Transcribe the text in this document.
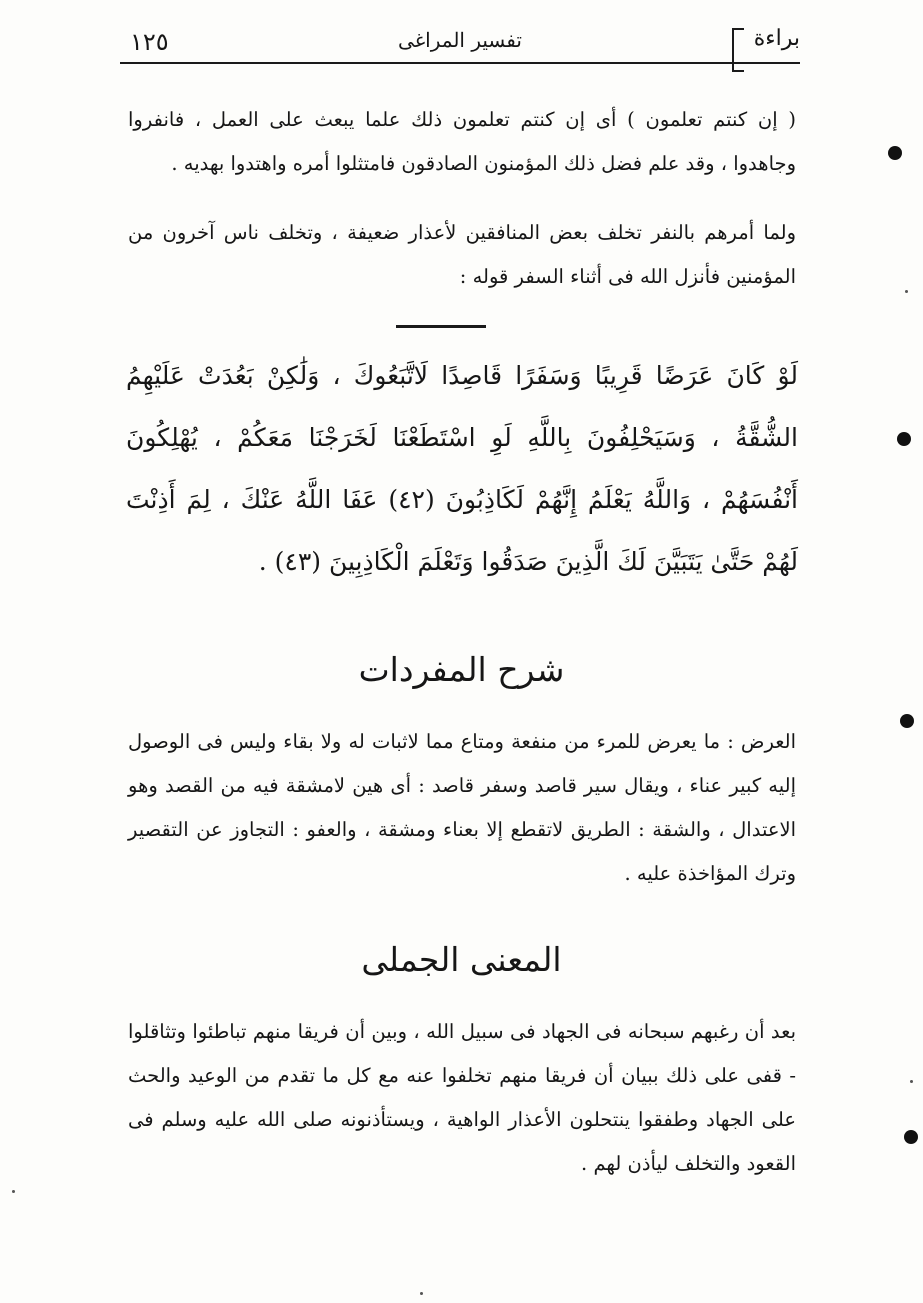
براءة
تفسير المراغى
١٢٥

( إن كنتم تعلمون ) أى إن كنتم تعلمون ذلك علما يبعث على العمل ، فانفروا وجاهدوا ، وقد علم فضل ذلك المؤمنون الصادقون فامتثلوا أمره واهتدوا بهديه .

ولما أمرهم بالنفر تخلف بعض المنافقين لأعذار ضعيفة ، وتخلف ناس آخرون من المؤمنين فأنزل الله فى أثناء السفر قوله :

لَوْ كَانَ عَرَضًا قَرِيبًا وَسَفَرًا قَاصِدًا لَاتَّبَعُوكَ ، وَلَٰكِنْ بَعُدَتْ عَلَيْهِمُ الشُّقَّةُ ، وَسَيَحْلِفُونَ بِاللَّهِ لَوِ اسْتَطَعْنَا لَخَرَجْنَا مَعَكُمْ ، يُهْلِكُونَ أَنْفُسَهُمْ ، وَاللَّهُ يَعْلَمُ إِنَّهُمْ لَكَاذِبُونَ (٤٢) عَفَا اللَّهُ عَنْكَ ، لِمَ أَذِنْتَ لَهُمْ حَتَّىٰ يَتَبَيَّنَ لَكَ الَّذِينَ صَدَقُوا وَتَعْلَمَ الْكَاذِبِينَ (٤٣) .

شرح المفردات

العرض : ما يعرض للمرء من منفعة ومتاع مما لاثبات له ولا بقاء وليس فى الوصول إليه كبير عناء ، ويقال سير قاصد وسفر قاصد : أى هين لامشقة فيه من القصد وهو الاعتدال ، والشقة : الطريق لاتقطع إلا بعناء ومشقة ، والعفو : التجاوز عن التقصير وترك المؤاخذة عليه .

المعنى الجملى

بعد أن رغبهم سبحانه فى الجهاد فى سبيل الله ، وبين أن فريقا منهم تباطئوا وتثاقلوا - قفى على ذلك ببيان أن فريقا منهم تخلفوا عنه مع كل ما تقدم من الوعيد والحث على الجهاد وطفقوا ينتحلون الأعذار الواهية ، ويستأذنونه صلى الله عليه وسلم فى القعود والتخلف ليأذن لهم .
